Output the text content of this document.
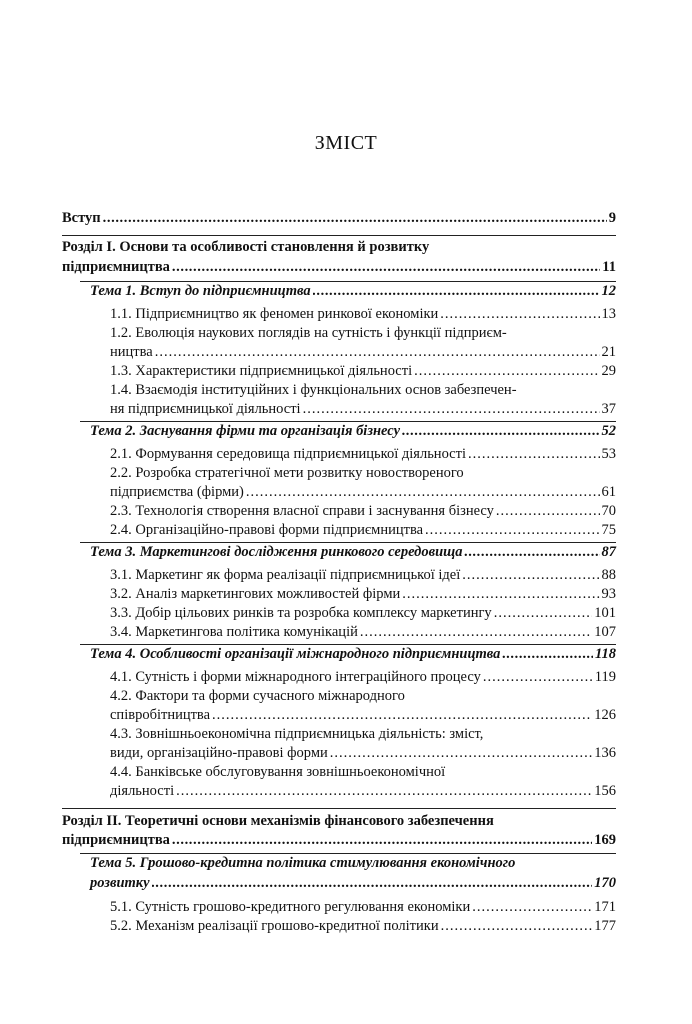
ЗМІСТ
Вступ .....	9
Розділ І. Основи та особливості становлення й розвитку
підприємництва .....	11
Тема 1. Вступ до підприємництва .....	12
1.1. Підприємництво як феномен ринкової економіки .....	13
1.2. Еволюція наукових поглядів на сутність і функції підприєм-
ництва .....	21
1.3. Характеристики підприємницької діяльності .....	29
1.4. Взаємодія інституційних і функціональних основ забезпечен-
ня підприємницької діяльності .....	37
Тема 2. Заснування фірми та організація бізнесу .....	52
2.1. Формування середовища підприємницької діяльності .....	53
2.2. Розробка стратегічної мети розвитку новоствореного
підприємства (фірми) .....	61
2.3. Технологія створення власної справи і заснування бізнесу .....	70
2.4. Організаційно-правові форми підприємництва .....	75
Тема 3. Маркетингові дослідження ринкового середовища .....	87
3.1. Маркетинг як форма реалізації підприємницької ідеї .....	88
3.2. Аналіз маркетингових можливостей фірми .....	93
3.3. Добір цільових ринків та розробка комплексу маркетингу .....	101
3.4. Маркетингова політика комунікацій .....	107
Тема 4. Особливості організації міжнародного підприємництва .....	118
4.1. Сутність і форми міжнародного інтеграційного процесу .....	119
4.2. Фактори та форми сучасного міжнародного
співробітництва .....	126
4.3. Зовнішньоекономічна підприємницька діяльність: зміст,
види, організаційно-правові форми .....	136
4.4. Банківське обслуговування зовнішньоекономічної
діяльності .....	156
Розділ ІІ. Теоретичні основи механізмів фінансового забезпечення
підприємництва .....	169
Тема 5. Грошово-кредитна політика стимулювання економічного
розвитку .....	170
5.1. Сутність грошово-кредитного регулювання економіки .....	171
5.2. Механізм реалізації грошово-кредитної політики .....	177
